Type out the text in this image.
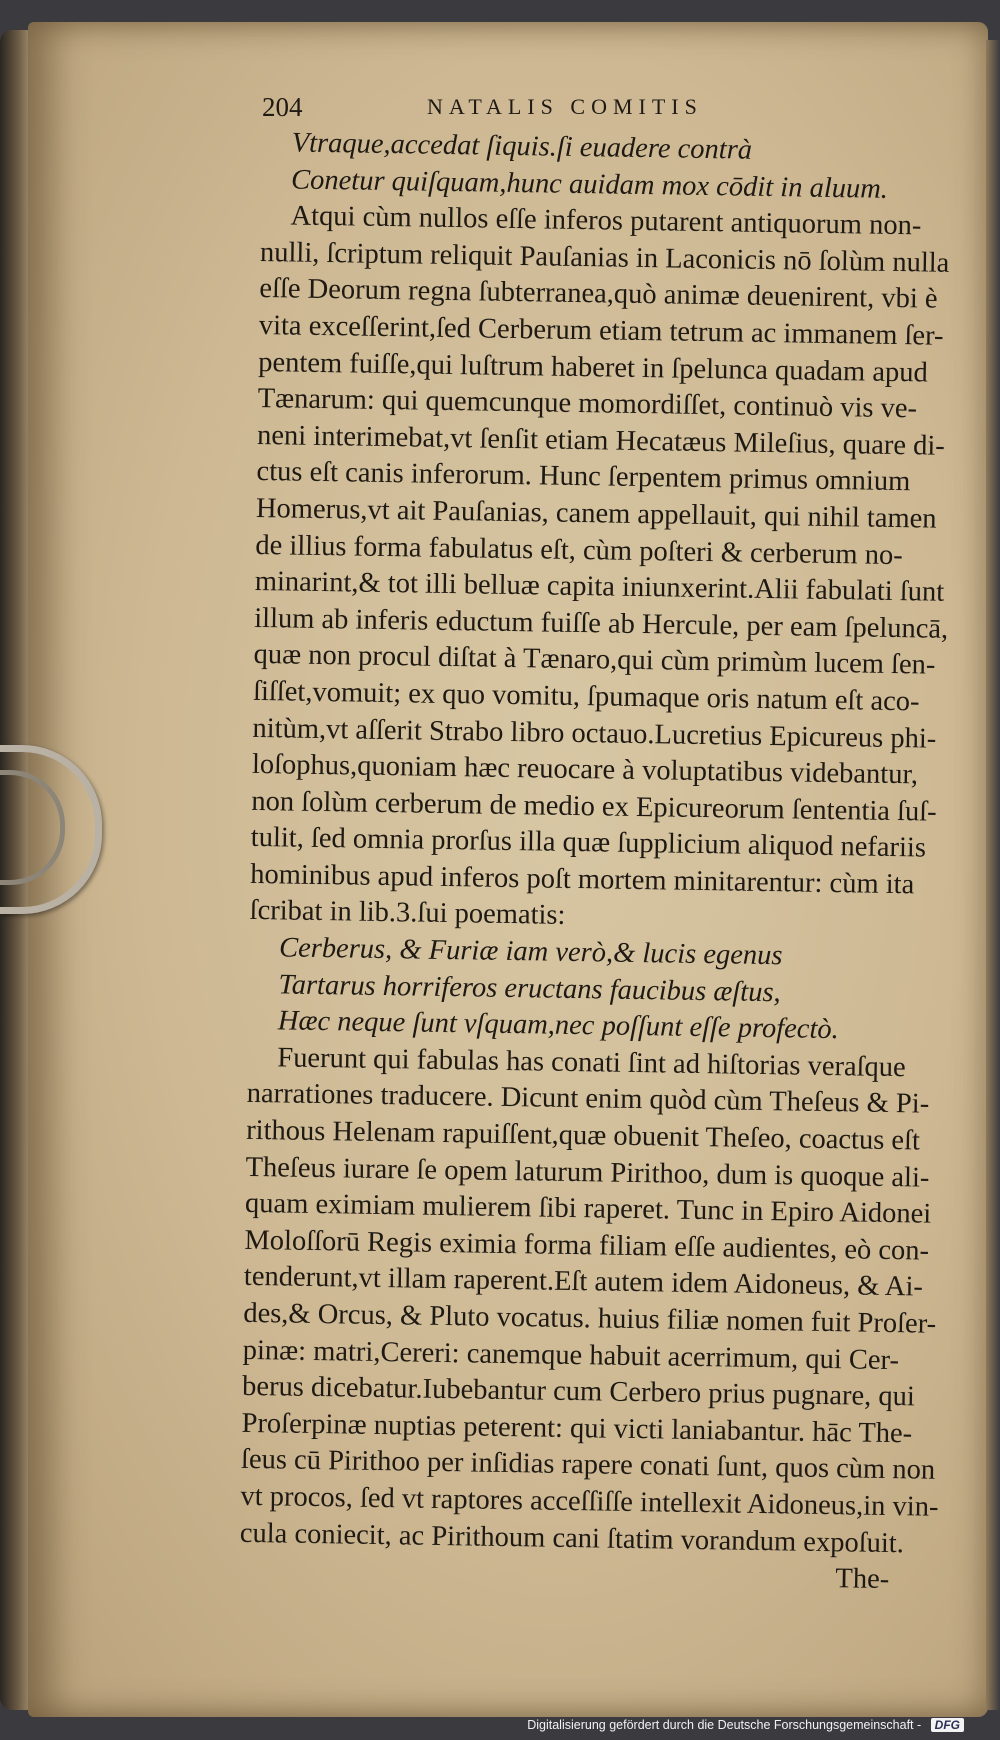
204	NATALIS COMITIS
Vtraque,accedat ſiquis.ſi euadere contrà
Conetur quiſquam,hunc auidam mox cōdit in aluum.
Atqui cùm nullos eſſe inferos putarent antiquorum non-
nulli, ſcriptum reliquit Pauſanias in Laconicis nō ſolùm nulla
eſſe Deorum regna ſubterranea,quò animæ deuenirent, vbi è
vita exceſſerint,ſed Cerberum etiam tetrum ac immanem ſer-
pentem fuiſſe,qui luſtrum haberet in ſpelunca quadam apud
Tænarum: qui quemcunque momordiſſet, continuò vis ve-
neni interimebat,vt ſenſit etiam Hecatæus Mileſius, quare di-
ctus eſt canis inferorum. Hunc ſerpentem primus omnium
Homerus,vt ait Pauſanias, canem appellauit, qui nihil tamen
de illius forma fabulatus eſt, cùm poſteri & cerberum no-
minarint,& tot illi belluæ capita iniunxerint.Alii fabulati ſunt
illum ab inferis eductum fuiſſe ab Hercule, per eam ſpeluncā,
quæ non procul diſtat à Tænaro,qui cùm primùm lucem ſen-
ſiſſet,vomuit; ex quo vomitu, ſpumaque oris natum eſt aco-
nitùm,vt aſſerit Strabo libro octauo.Lucretius Epicureus phi-
loſophus,quoniam hæc reuocare à voluptatibus videbantur,
non ſolùm cerberum de medio ex Epicureorum ſententia ſuſ-
tulit, ſed omnia prorſus illa quæ ſupplicium aliquod nefariis
hominibus apud inferos poſt mortem minitarentur: cùm ita
ſcribat in lib.3.ſui poematis:
Cerberus, & Furiæ iam verò,& lucis egenus
Tartarus horriferos eructans faucibus æſtus,
Hæc neque ſunt vſquam,nec poſſunt eſſe profectò.
Fuerunt qui fabulas has conati ſint ad hiſtorias veraſque
narrationes traducere. Dicunt enim quòd cùm Theſeus & Pi-
rithous Helenam rapuiſſent,quæ obuenit Theſeo, coactus eſt
Theſeus iurare ſe opem laturum Pirithoo, dum is quoque ali-
quam eximiam mulierem ſibi raperet. Tunc in Epiro Aidonei
Moloſſorū Regis eximia forma filiam eſſe audientes, eò con-
tenderunt,vt illam raperent.Eſt autem idem Aidoneus, & Ai-
des,& Orcus, & Pluto vocatus. huius filiæ nomen fuit Proſer-
pinæ: matri,Cereri: canemque habuit acerrimum, qui Cer-
berus dicebatur.Iubebantur cum Cerbero prius pugnare, qui
Proſerpinæ nuptias peterent: qui victi laniabantur. hāc The-
ſeus cū Pirithoo per inſidias rapere conati ſunt, quos cùm non
vt procos, ſed vt raptores acceſſiſſe intellexit Aidoneus,in vin-
cula coniecit, ac Pirithoum cani ſtatim vorandum expoſuit.
The-
Digitalisierung gefördert durch die Deutsche Forschungsgemeinschaft - DFG
